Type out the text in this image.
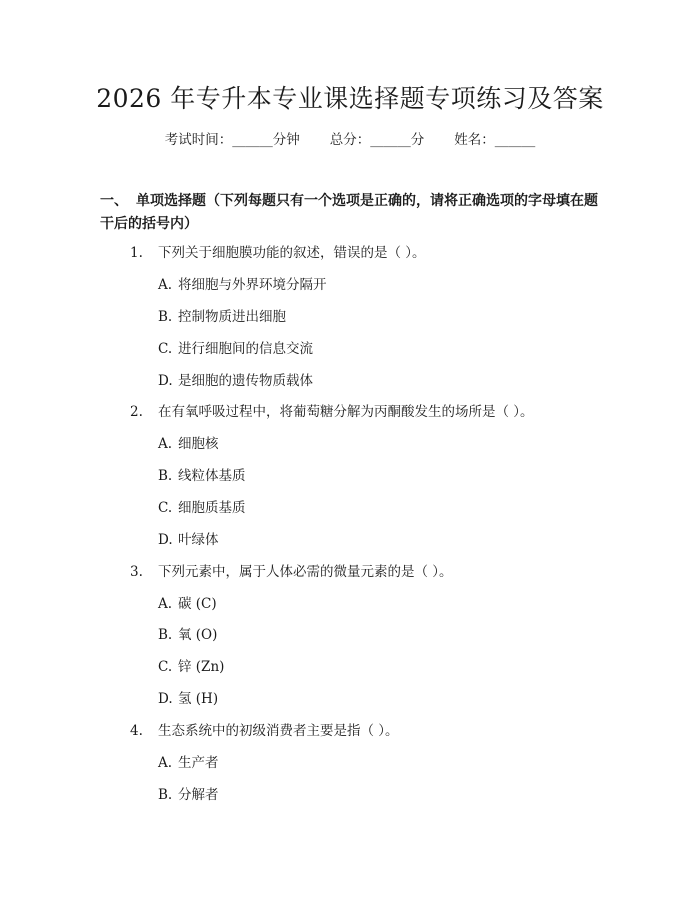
2026 年专升本专业课选择题专项练习及答案
考试时间：______分钟 总分：______分 姓名：______
一、 单项选择题（下列每题只有一个选项是正确的，请将正确选项的字母填在题干后的括号内）
1. 下列关于细胞膜功能的叙述，错误的是（ ）。
A. 将细胞与外界环境分隔开
B. 控制物质进出细胞
C. 进行细胞间的信息交流
D. 是细胞的遗传物质载体
2. 在有氧呼吸过程中，将葡萄糖分解为丙酮酸发生的场所是（ ）。
A. 细胞核
B. 线粒体基质
C. 细胞质基质
D. 叶绿体
3. 下列元素中，属于人体必需的微量元素的是（ ）。
A. 碳 (C)
B. 氧 (O)
C. 锌 (Zn)
D. 氢 (H)
4. 生态系统中的初级消费者主要是指（ ）。
A. 生产者
B. 分解者
